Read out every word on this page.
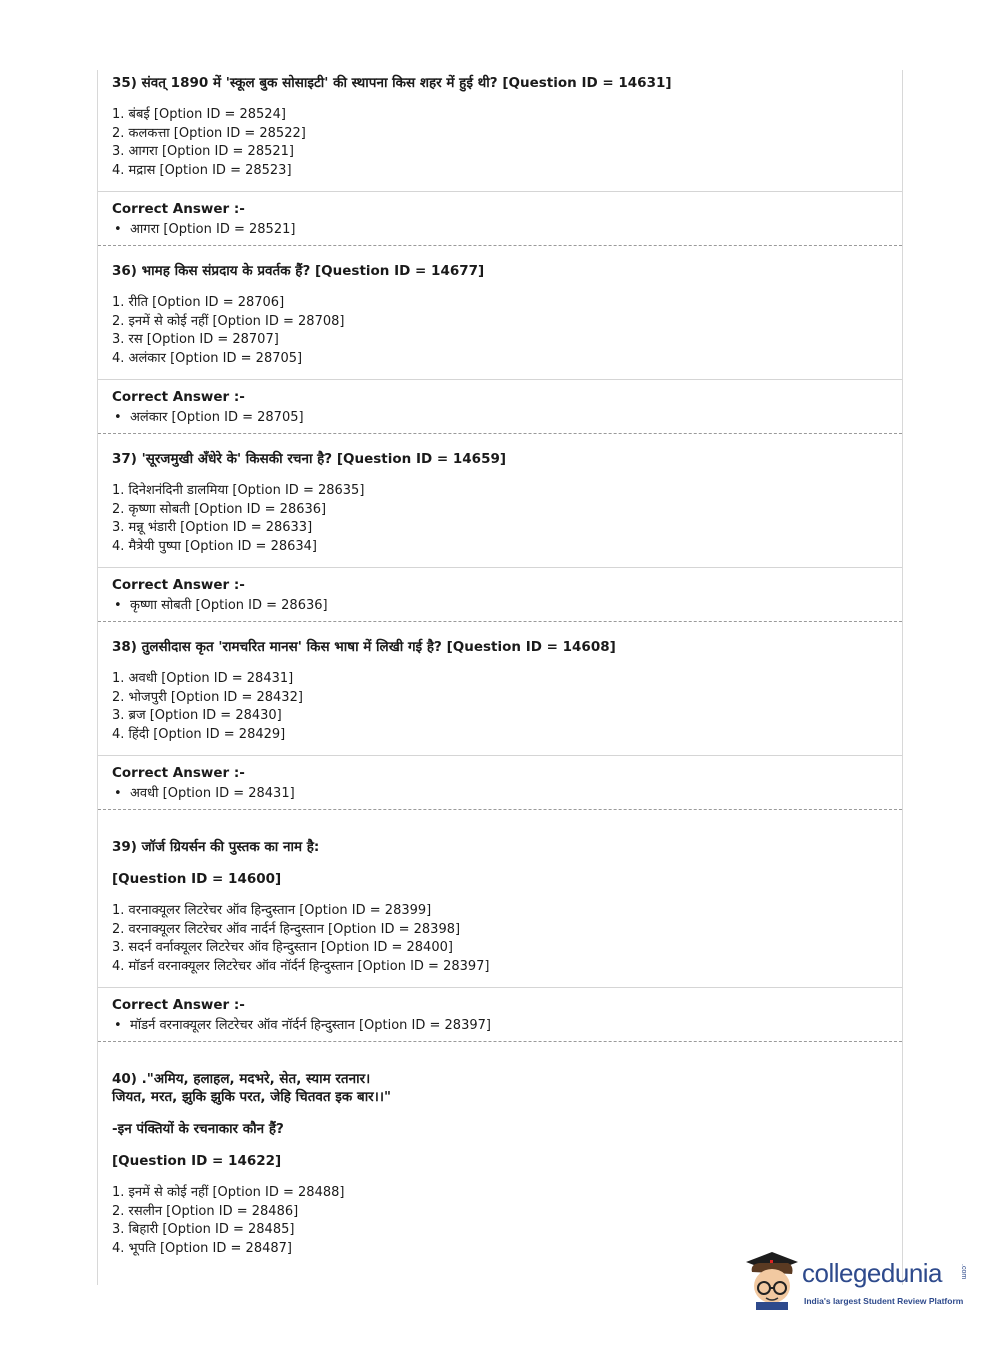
35) संवत् 1890 में 'स्कूल बुक सोसाइटी' की स्थापना किस शहर में हुई थी? [Question ID = 14631]
1. बंबई [Option ID = 28524]
2. कलकत्ता [Option ID = 28522]
3. आगरा [Option ID = 28521]
4. मद्रास [Option ID = 28523]
Correct Answer :-
• आगरा [Option ID = 28521]
36) भामह किस संप्रदाय के प्रवर्तक हैं? [Question ID = 14677]
1. रीति [Option ID = 28706]
2. इनमें से कोई नहीं [Option ID = 28708]
3. रस [Option ID = 28707]
4. अलंकार [Option ID = 28705]
Correct Answer :-
• अलंकार [Option ID = 28705]
37) 'सूरजमुखी अँधेरे के' किसकी रचना है? [Question ID = 14659]
1. दिनेशनंदिनी डालमिया [Option ID = 28635]
2. कृष्णा सोबती [Option ID = 28636]
3. मन्नू भंडारी [Option ID = 28633]
4. मैत्रेयी पुष्पा [Option ID = 28634]
Correct Answer :-
• कृष्णा सोबती [Option ID = 28636]
38) तुलसीदास कृत 'रामचरित मानस' किस भाषा में लिखी गई है? [Question ID = 14608]
1. अवधी [Option ID = 28431]
2. भोजपुरी [Option ID = 28432]
3. ब्रज [Option ID = 28430]
4. हिंदी [Option ID = 28429]
Correct Answer :-
• अवधी [Option ID = 28431]
39) जॉर्ज ग्रियर्सन की पुस्तक का नाम है:
[Question ID = 14600]
1. वरनाक्यूलर लिटरेचर ऑव हिन्दुस्तान [Option ID = 28399]
2. वरनाक्यूलर लिटरेचर ऑव नार्दर्न हिन्दुस्तान [Option ID = 28398]
3. सदर्न वर्नाक्यूलर लिटरेचर ऑव हिन्दुस्तान [Option ID = 28400]
4. मॉडर्न वरनाक्यूलर लिटरेचर ऑव नॉर्दर्न हिन्दुस्तान [Option ID = 28397]
Correct Answer :-
• मॉडर्न वरनाक्यूलर लिटरेचर ऑव नॉर्दर्न हिन्दुस्तान [Option ID = 28397]
40) ."अमिय, हलाहल, मदभरे, सेत, स्याम रतनार।
जियत, मरत, झुकि झुकि परत, जेहि चितवत इक बार।।"
-इन पंक्तियों के रचनाकार कौन हैं?
[Question ID = 14622]
1. इनमें से कोई नहीं [Option ID = 28488]
2. रसलीन [Option ID = 28486]
3. बिहारी [Option ID = 28485]
4. भूपति [Option ID = 28487]
collegedunia	.com
India's largest Student Review Platform
